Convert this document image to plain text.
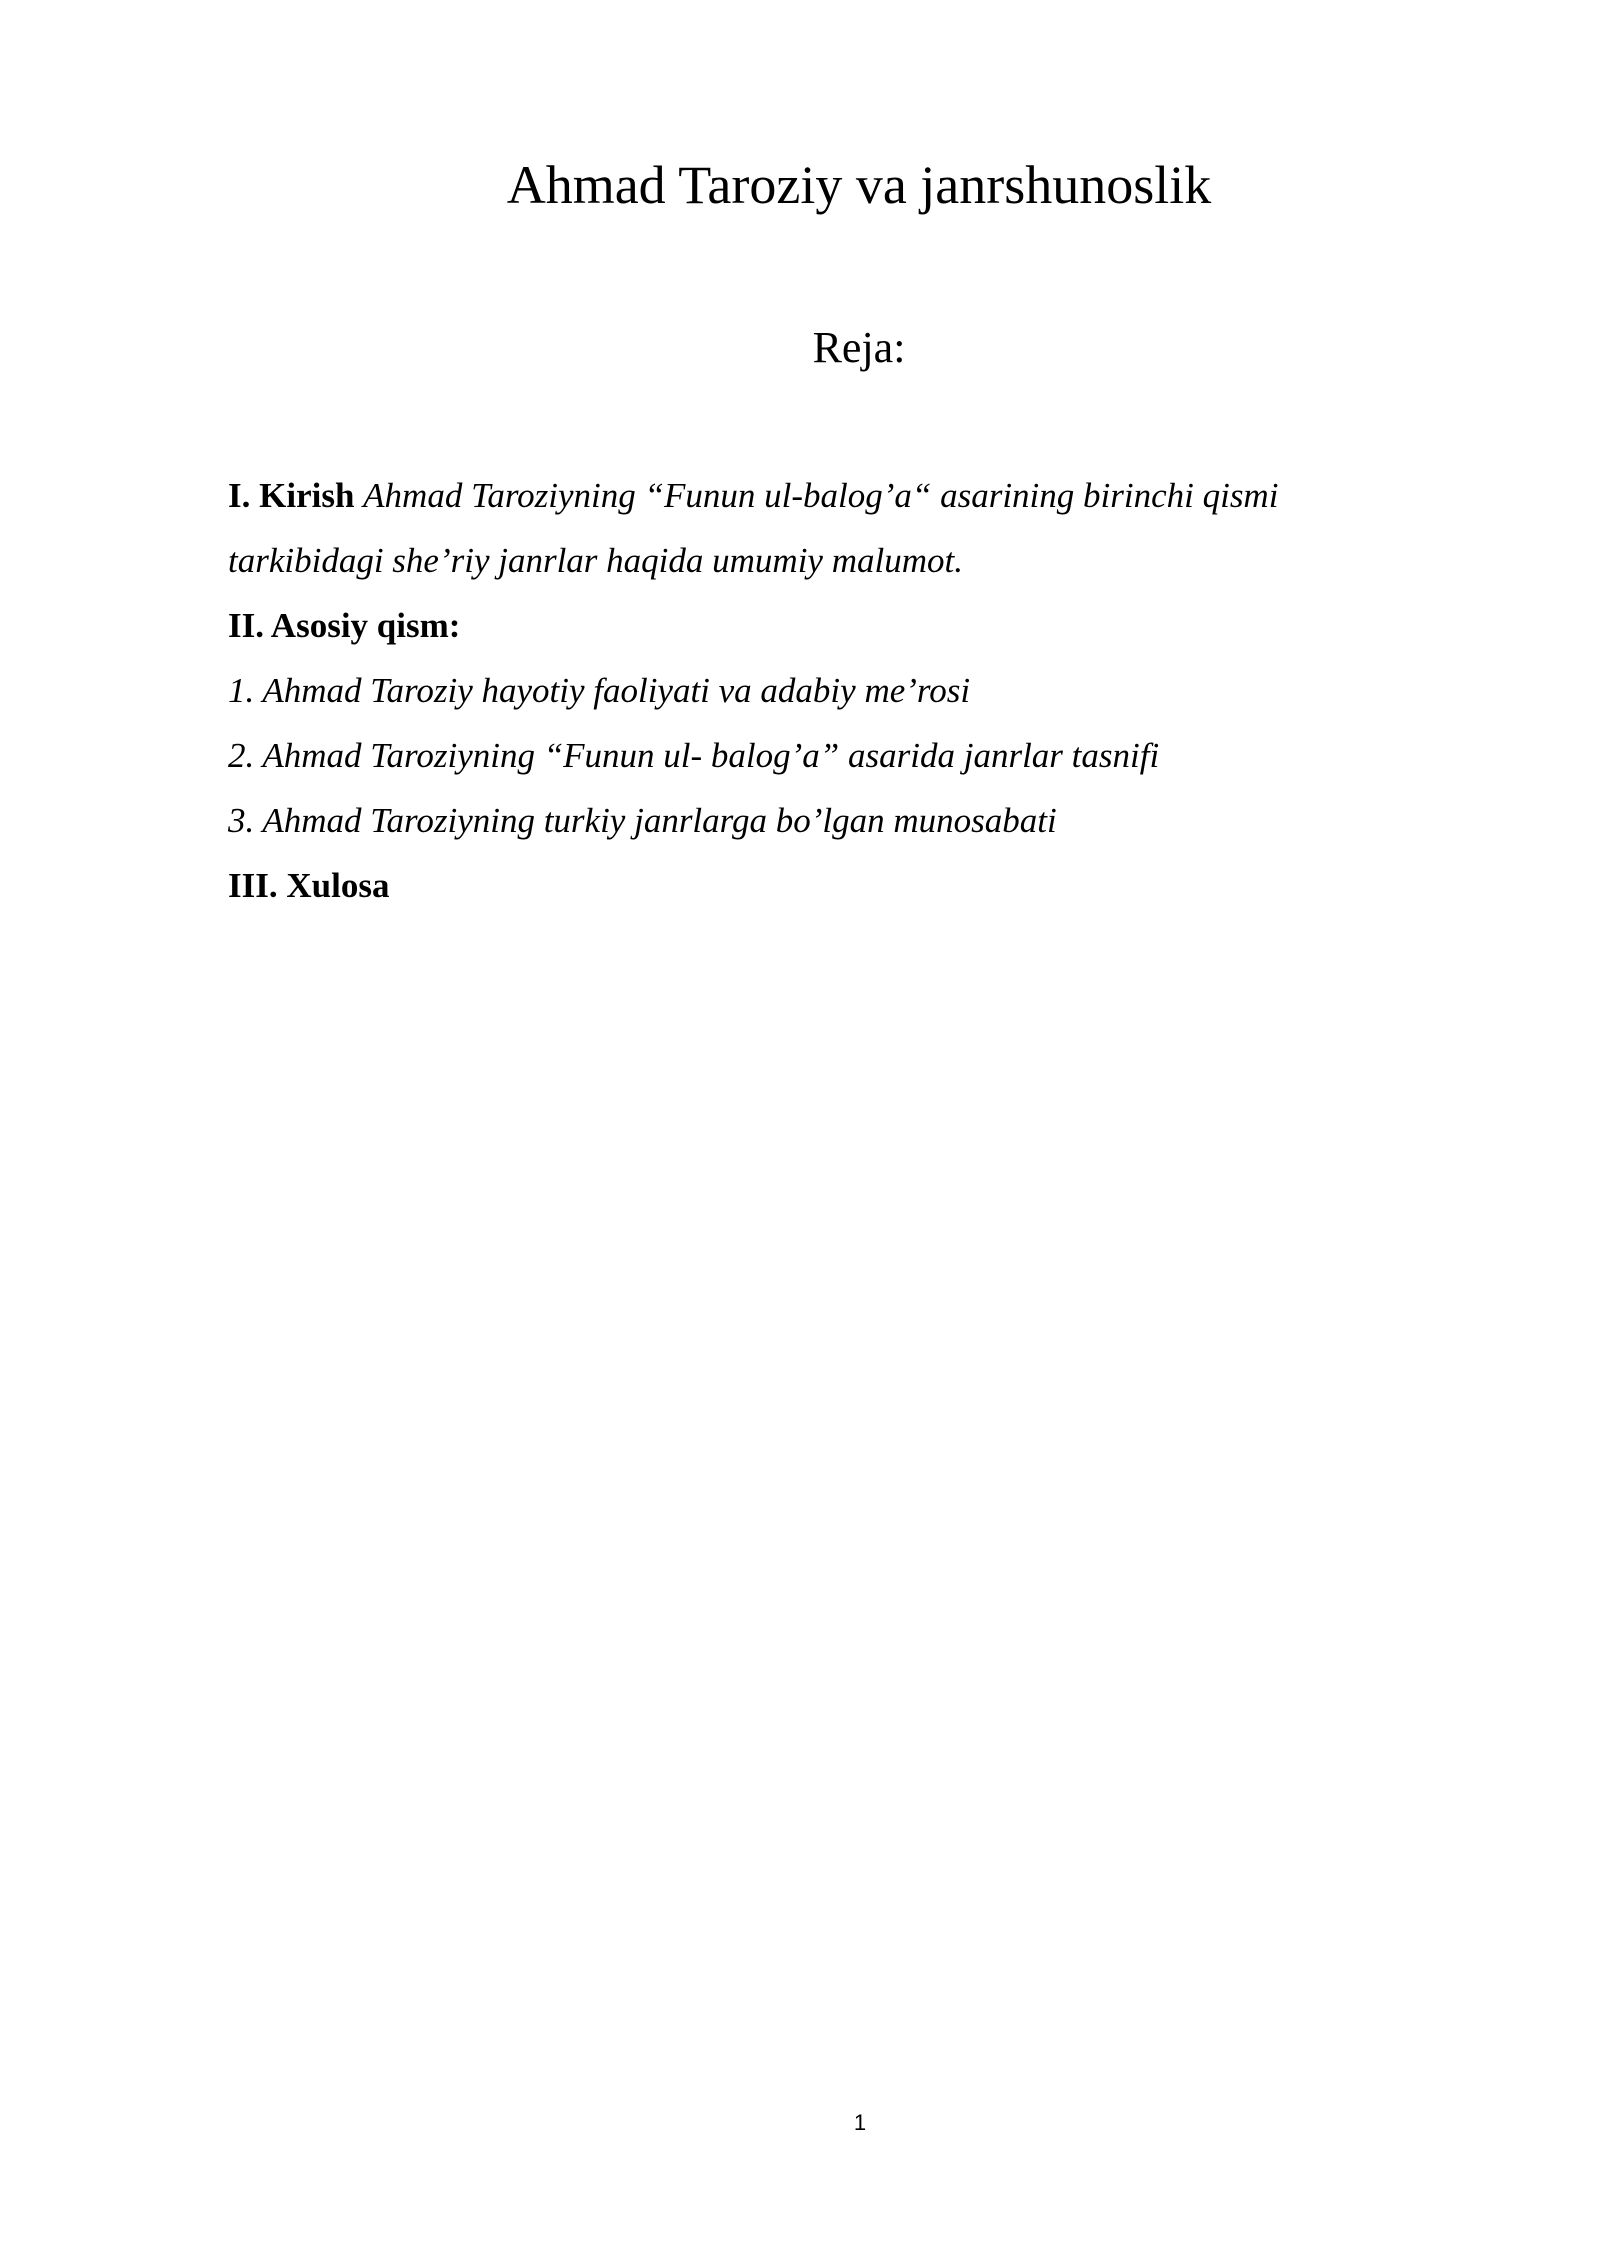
Ahmad Taroziy va janrshunoslik
Reja:
I. Kirish Ahmad Taroziyning “Funun ul-balog’a“ asarining birinchi qismi
tarkibidagi she’riy janrlar haqida umumiy malumot.
II. Asosiy qism:
1. Ahmad Taroziy hayotiy faoliyati va adabiy me’rosi
2. Ahmad Taroziyning “Funun ul- balog’a” asarida janrlar tasnifi
3. Ahmad Taroziyning turkiy janrlarga bo’lgan munosabati
III. Xulosa
1
